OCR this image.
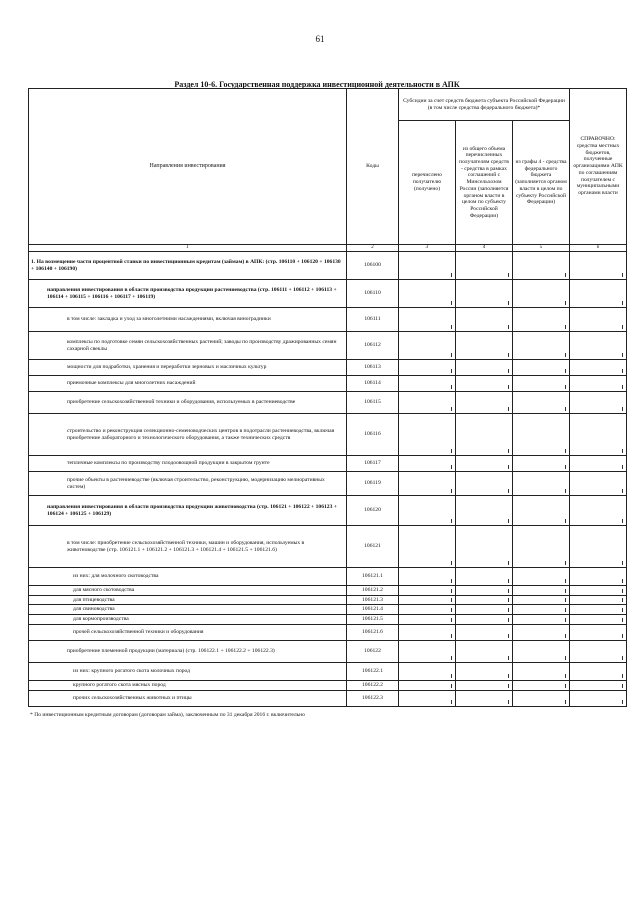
61
Раздел 10-6. Государственная поддержка инвестиционной деятельности в АПК
Направления инвестирования	Коды	Субсидии за счет средств бюджета субъекта Российской Федерации (в том числе средства федерального бюджета)*			СПРАВОЧНО: средства местных бюджетов, полученные организациями АПК по соглашениям получателем с муниципальными органами власти
		перечислено получателю (получено)	из общего объема перечисленных получателям средств - средства в рамках соглашений с Минсельхозом России (заполняется органом власти в целом по субъекту Российской Федерации)	из графы 4 - средства федерального бюджета (заполняется органом власти в целом по субъекту Российской Федерации)	
1	2	3	4	5	6
1. На возмещение части процентной ставки по инвестиционным кредитам (займам) в АПК: (стр. 106110 + 106120 + 106130 + 106140 + 106190)	106100				
направления инвестирования в области производства продукции растениеводства (стр. 106111 + 106112 + 106113 + 106114 + 106115 + 106116 + 106117 + 106119)	106110				
в том числе: закладка и уход за многолетними насаждениями, включая виноградники	106111				
комплексы по подготовке семян сельскохозяйственных растений; заводы по производству дражированных семян сахарной свеклы	106112				
мощности для подработки, хранения и переработки зерновых и масличных культур	106113				
приемочные комплексы для многолетних насаждений	106114				
приобретение сельскохозяйственной техники и оборудования, используемых в растениеводстве	106115				
строительство и реконструкция селекционно-семеноводческих центров в подотрасли растениеводства, включая приобретение лабораторного и технологического оборудования, а также технических средств	106116				
тепличные комплексы по производству плодоовощной продукции в закрытом грунте	106117				
прочие объекты в растениеводстве (включая строительство, реконструкцию, модернизацию мелиоративных систем)	106119				
направления инвестирования в области производства продукции животноводства (стр. 106121 + 106122 + 106123 + 106124 + 106125 + 106129)	106120				
в том числе: приобретение сельскохозяйственной техники, машин и оборудования, используемых в животноводстве (стр. 106121.1 + 106121.2 + 106121.3 + 106121.4 + 106121.5 + 106121.6)	106121				
из них: для молочного скотоводства	106121.1				
для мясного скотоводства	106121.2				
для птицеводства	106121.3				
для свиноводства	106121.4				
для кормопроизводства	106121.5				
прочей сельскохозяйственной техники и оборудования	106121.6				
приобретение племенной продукции (материала) (стр. 106122.1 + 106122.2 + 106122.3)	106122				
из них: крупного рогатого скота молочных пород	106122.1				
крупного рогатого скота мясных пород	106122.2				
прочих сельскохозяйственных животных и птицы	106122.3				
* По инвестиционным кредитным договорам (договорам займа), заключенным по 31 декабря 2016 г. включительно
